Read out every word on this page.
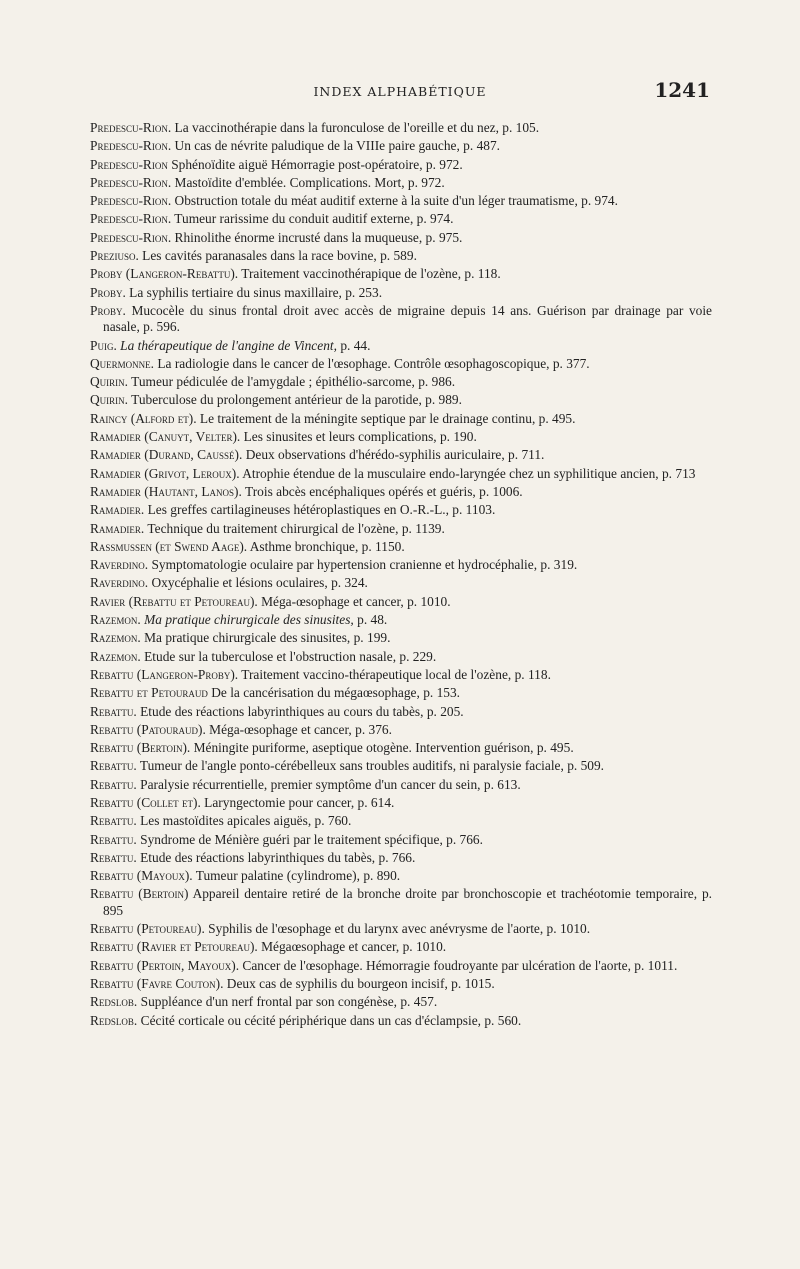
INDEX ALPHABÉTIQUE	1241

Predescu-Rion. La vaccinothérapie dans la furonculose de l'oreille et du nez, p. 105.

Predescu-Rion. Un cas de névrite paludique de la VIIIe paire gauche, p. 487.

Predescu-Rion Sphénoïdite aiguë Hémorragie post-opératoire, p. 972.

Predescu-Rion. Mastoïdite d'emblée. Complications. Mort, p. 972.

Predescu-Rion. Obstruction totale du méat auditif externe à la suite d'un léger traumatisme, p. 974.

Predescu-Rion. Tumeur rarissime du conduit auditif externe, p. 974.

Predescu-Rion. Rhinolithe énorme incrusté dans la muqueuse, p. 975.

Preziuso. Les cavités paranasales dans la race bovine, p. 589.

Proby (Langeron-Rebattu). Traitement vaccinothérapique de l'ozène, p. 118.

Proby. La syphilis tertiaire du sinus maxillaire, p. 253.

Proby. Mucocèle du sinus frontal droit avec accès de migraine depuis 14 ans. Guérison par drainage par voie nasale, p. 596.

Puig. La thérapeutique de l'angine de Vincent, p. 44.

Quermonne. La radiologie dans le cancer de l'œsophage. Contrôle œsophagoscopique, p. 377.

Quirin. Tumeur pédiculée de l'amygdale ; épithélio-sarcome, p. 986.

Quirin. Tuberculose du prolongement antérieur de la parotide, p. 989.

Raincy (Alford et). Le traitement de la méningite septique par le drainage continu, p. 495.

Ramadier (Canuyt, Velter). Les sinusites et leurs complications, p. 190.

Ramadier (Durand, Caussé). Deux observations d'hérédo-syphilis auriculaire, p. 711.

Ramadier (Grivot, Leroux). Atrophie étendue de la musculaire endo-laryngée chez un syphilitique ancien, p. 713

Ramadier (Hautant, Lanos). Trois abcès encéphaliques opérés et guéris, p. 1006.

Ramadier. Les greffes cartilagineuses hétéroplastiques en O.-R.-L., p. 1103.

Ramadier. Technique du traitement chirurgical de l'ozène, p. 1139.

Rassmussen (et Swend Aage). Asthme bronchique, p. 1150.

Raverdino. Symptomatologie oculaire par hypertension cranienne et hydrocéphalie, p. 319.

Raverdino. Oxycéphalie et lésions oculaires, p. 324.

Ravier (Rebattu et Petoureau). Méga-œsophage et cancer, p. 1010.

Razemon. Ma pratique chirurgicale des sinusites, p. 48.

Razemon. Ma pratique chirurgicale des sinusites, p. 199.

Razemon. Etude sur la tuberculose et l'obstruction nasale, p. 229.

Rebattu (Langeron-Proby). Traitement vaccino-thérapeutique local de l'ozène, p. 118.

Rebattu et Petouraud De la cancérisation du mégaœsophage, p. 153.

Rebattu. Etude des réactions labyrinthiques au cours du tabès, p. 205.

Rebattu (Patouraud). Méga-œsophage et cancer, p. 376.

Rebattu (Bertoin). Méningite puriforme, aseptique otogène. Intervention guérison, p. 495.

Rebattu. Tumeur de l'angle ponto-cérébelleux sans troubles auditifs, ni paralysie faciale, p. 509.

Rebattu. Paralysie récurrentielle, premier symptôme d'un cancer du sein, p. 613.

Rebattu (Collet et). Laryngectomie pour cancer, p. 614.

Rebattu. Les mastoïdites apicales aiguës, p. 760.

Rebattu. Syndrome de Ménière guéri par le traitement spécifique, p. 766.

Rebattu. Etude des réactions labyrinthiques du tabès, p. 766.

Rebattu (Mayoux). Tumeur palatine (cylindrome), p. 890.

Rebattu (Bertoin) Appareil dentaire retiré de la bronche droite par bronchoscopie et trachéotomie temporaire, p. 895

Rebattu (Petoureau). Syphilis de l'œsophage et du larynx avec anévrysme de l'aorte, p. 1010.

Rebattu (Ravier et Petoureau). Mégaœsophage et cancer, p. 1010.

Rebattu (Pertoin, Mayoux). Cancer de l'œsophage. Hémorragie foudroyante par ulcération de l'aorte, p. 1011.

Rebattu (Favre Couton). Deux cas de syphilis du bourgeon incisif, p. 1015.

Redslob. Suppléance d'un nerf frontal par son congénèse, p. 457.

Redslob. Cécité corticale ou cécité périphérique dans un cas d'éclampsie, p. 560.
